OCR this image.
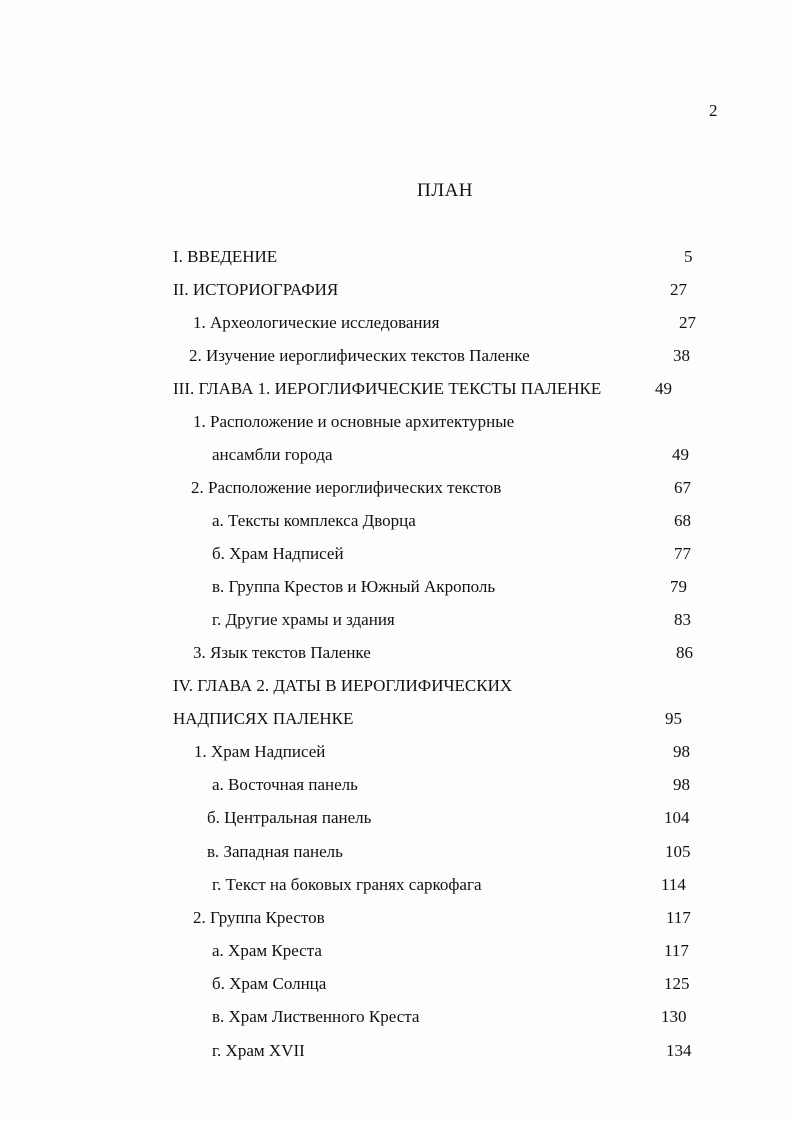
2
ПЛАН
I. ВВЕДЕНИЕ	5
II. ИСТОРИОГРАФИЯ	27
1. Археологические исследования	27
2. Изучение иероглифических текстов Паленке	38
III. ГЛАВА 1. ИЕРОГЛИФИЧЕСКИЕ ТЕКСТЫ ПАЛЕНКЕ	49
1. Расположение и основные архитектурные
ансамбли города	49
2. Расположение иероглифических текстов	67
а. Тексты комплекса Дворца	68
б. Храм Надписей	77
в. Группа Крестов и Южный Акрополь	79
г. Другие храмы и здания	83
3. Язык текстов Паленке	86
IV. ГЛАВА 2. ДАТЫ В ИЕРОГЛИФИЧЕСКИХ
НАДПИСЯХ ПАЛЕНКЕ	95
1. Храм Надписей	98
а. Восточная панель	98
б. Центральная панель	104
в. Западная панель	105
г. Текст на боковых гранях саркофага	114
2. Группа Крестов	117
а. Храм Креста	117
б. Храм Солнца	125
в. Храм Лиственного Креста	130
г. Храм XVII	134
